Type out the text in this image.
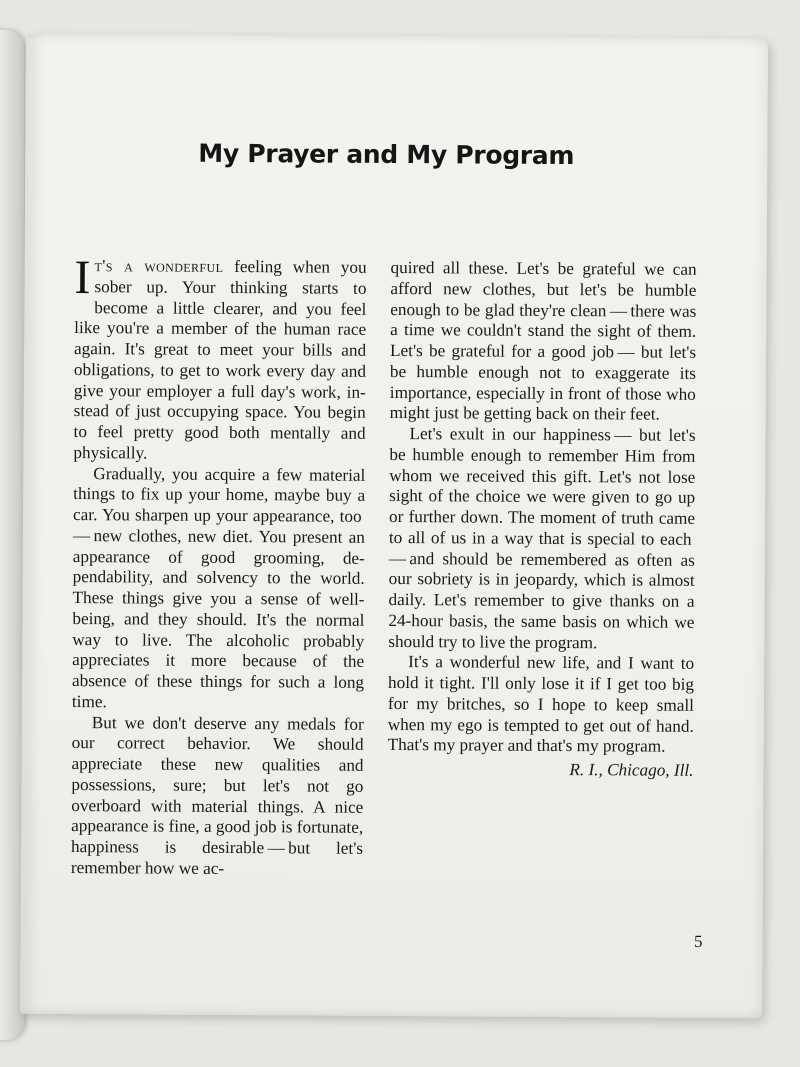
My Prayer and My Program

It's a wonderful feeling when you sober up. Your thinking starts to become a little clearer, and you feel like you're a member of the human race again. It's great to meet your bills and obligations, to get to work every day and give your employer a full day's work, instead of just occupying space. You begin to feel pretty good both mentally and physically.

Gradually, you acquire a few material things to fix up your home, maybe buy a car. You sharpen up your appearance, too — new clothes, new diet. You present an appearance of good grooming, dependability, and solvency to the world. These things give you a sense of well-being, and they should. It's the normal way to live. The alcoholic probably appreciates it more because of the absence of these things for such a long time.

But we don't deserve any medals for our correct behavior. We should appreciate these new qualities and possessions, sure; but let's not go overboard with material things. A nice appearance is fine, a good job is fortunate, happiness is desirable — but let's remember how we ac-

quired all these. Let's be grateful we can afford new clothes, but let's be humble enough to be glad they're clean — there was a time we couldn't stand the sight of them. Let's be grateful for a good job — but let's be humble enough not to exaggerate its importance, especially in front of those who might just be getting back on their feet.

Let's exult in our happiness — but let's be humble enough to remember Him from whom we received this gift. Let's not lose sight of the choice we were given to go up or further down. The moment of truth came to all of us in a way that is special to each — and should be remembered as often as our sobriety is in jeopardy, which is almost daily. Let's remember to give thanks on a 24-hour basis, the same basis on which we should try to live the program.

It's a wonderful new life, and I want to hold it tight. I'll only lose it if I get too big for my britches, so I hope to keep small when my ego is tempted to get out of hand. That's my prayer and that's my program.

R. I., Chicago, Ill.
5
